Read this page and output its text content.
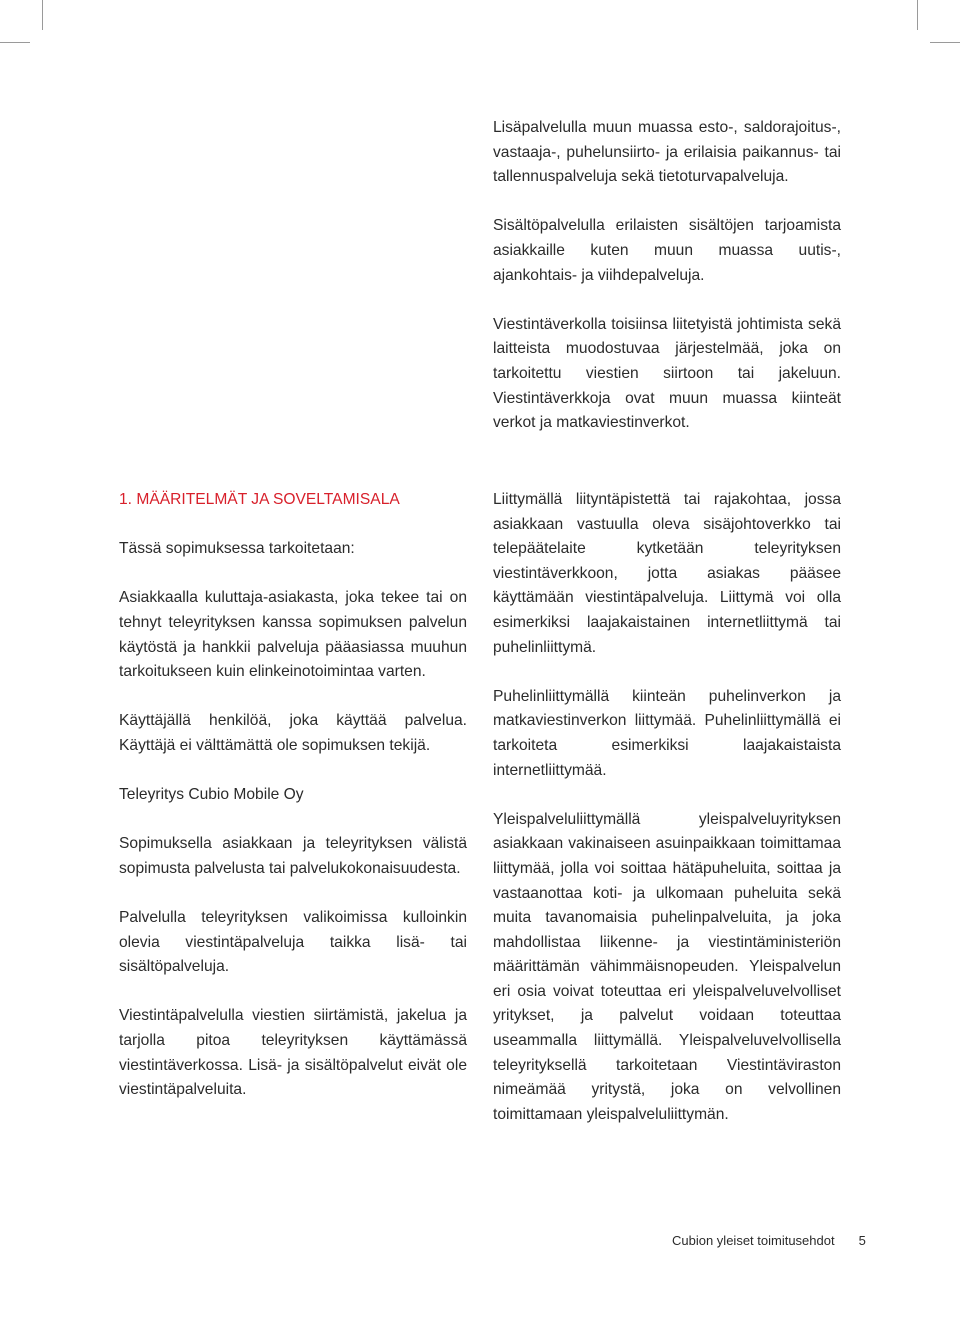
Lisäpalvelulla muun muassa esto-, saldorajoitus-, vastaaja-, puhelunsiirto- ja erilaisia paikannus- tai tallennuspalveluja sekä tietoturvapalveluja.

Sisältöpalvelulla erilaisten sisältöjen tarjoamista asiakkaille kuten muun muassa uutis-, ajankohtais- ja viihdepalveluja.

Viestintäverkolla toisiinsa liitetyistä johtimista sekä laitteista muodostuvaa järjestelmää, joka on tarkoitettu viestien siirtoon tai jakeluun. Viestintäverkkoja ovat muun muassa kiinteät verkot ja matkaviestinverkot.

1. MÄÄRITELMÄT JA SOVELTAMISALA

Tässä sopimuksessa tarkoitetaan:

Asiakkaalla kuluttaja-asiakasta, joka tekee tai on tehnyt teleyrityksen kanssa sopimuksen palvelun käytöstä ja hankkii palveluja pääasiassa muuhun tarkoitukseen kuin elinkeinotoimintaa varten.

Käyttäjällä henkilöä, joka käyttää palvelua. Käyttäjä ei välttämättä ole sopimuksen tekijä.

Teleyritys Cubio Mobile Oy

Sopimuksella asiakkaan ja teleyrityksen välistä sopimusta palvelusta tai palvelukokonaisuudesta.

Palvelulla teleyrityksen valikoimissa kulloinkin olevia viestintäpalveluja taikka lisä- tai sisältöpalveluja.

Viestintäpalvelulla viestien siirtämistä, jakelua ja tarjolla pitoa teleyrityksen käyttämässä viestintäverkossa. Lisä- ja sisältöpalvelut eivät ole viestintäpalveluita.

Liittymällä liityntäpistettä tai rajakohtaa, jossa asiakkaan vastuulla oleva sisäjohtoverkko tai telepäätelaite kytketään teleyrityksen viestintäverkkoon, jotta asiakas pääsee käyttämään viestintäpalveluja. Liittymä voi olla esimerkiksi laajakaistainen internetliittymä tai puhelinliittymä.

Puhelinliittymällä kiinteän puhelinverkon ja matkaviestinverkon liittymää. Puhelinliittymällä ei tarkoiteta esimerkiksi laajakaistaista internetliittymää.

Yleispalveluliittymällä yleispalveluyrityksen asiakkaan vakinaiseen asuinpaikkaan toimittamaa liittymää, jolla voi soittaa hätäpuheluita, soittaa ja vastaanottaa koti- ja ulkomaan puheluita sekä muita tavanomaisia puhelinpalveluita, ja joka mahdollistaa liikenne- ja viestintäministeriön määrittämän vähimmäisnopeuden. Yleispalvelun eri osia voivat toteuttaa eri yleispalveluvelvolliset yritykset, ja palvelut voidaan toteuttaa useammalla liittymällä. Yleispalveluvelvollisella teleyrityksellä tarkoitetaan Viestintäviraston nimeämää yritystä, joka on velvollinen toimittamaan yleispalveluliittymän.

Cubion yleiset toimitusehdot 5
